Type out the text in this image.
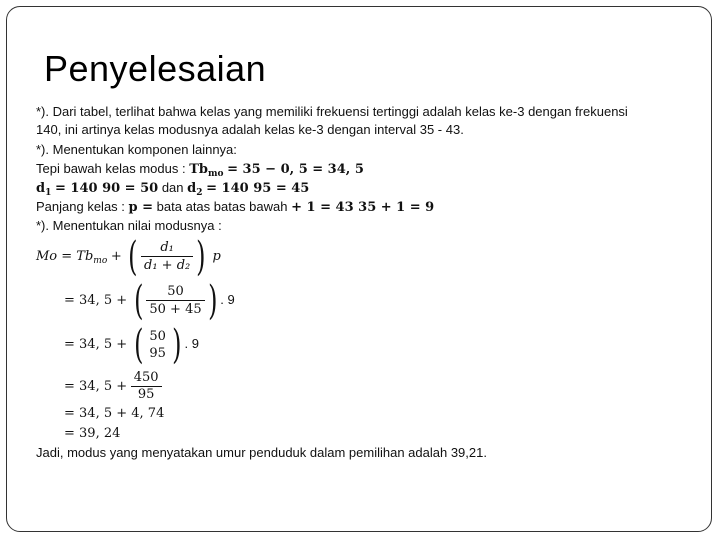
Penyelesaian
*). Dari tabel, terlihat bahwa kelas yang memiliki frekuensi tertinggi adalah kelas ke-3 dengan frekuensi
140, ini artinya kelas modusnya adalah kelas ke-3 dengan interval 35 - 43.
*). Menentukan komponen lainnya:
Tepi bawah kelas modus : $Tb_{mo} = 35 - 0$, 5 = 34, 5
$d_1 = 140$ 90 = 50 dan $d_2 = 140$ 95 = 45
Panjang kelas : p = bata atas batas bawah + 1 = 43 35 + 1 = 9
*). Menentukan nilai modusnya :
$Mo = Tb_{mo}$ + ( $\frac{\text{d₁}}{\text{d₁ + d₂}}$ ) p
= 34, 5 + ( $\frac{50}{50 + 45}$ ) . 9
= 34, 5 + ( 50
95 ) . 9
= 34, $5 + \frac{450}{95}$
= 34, 5 + 4, 74
= 39, 24
Jadi, modus yang menyatakan umur penduduk dalam pemilihan adalah 39,21.
